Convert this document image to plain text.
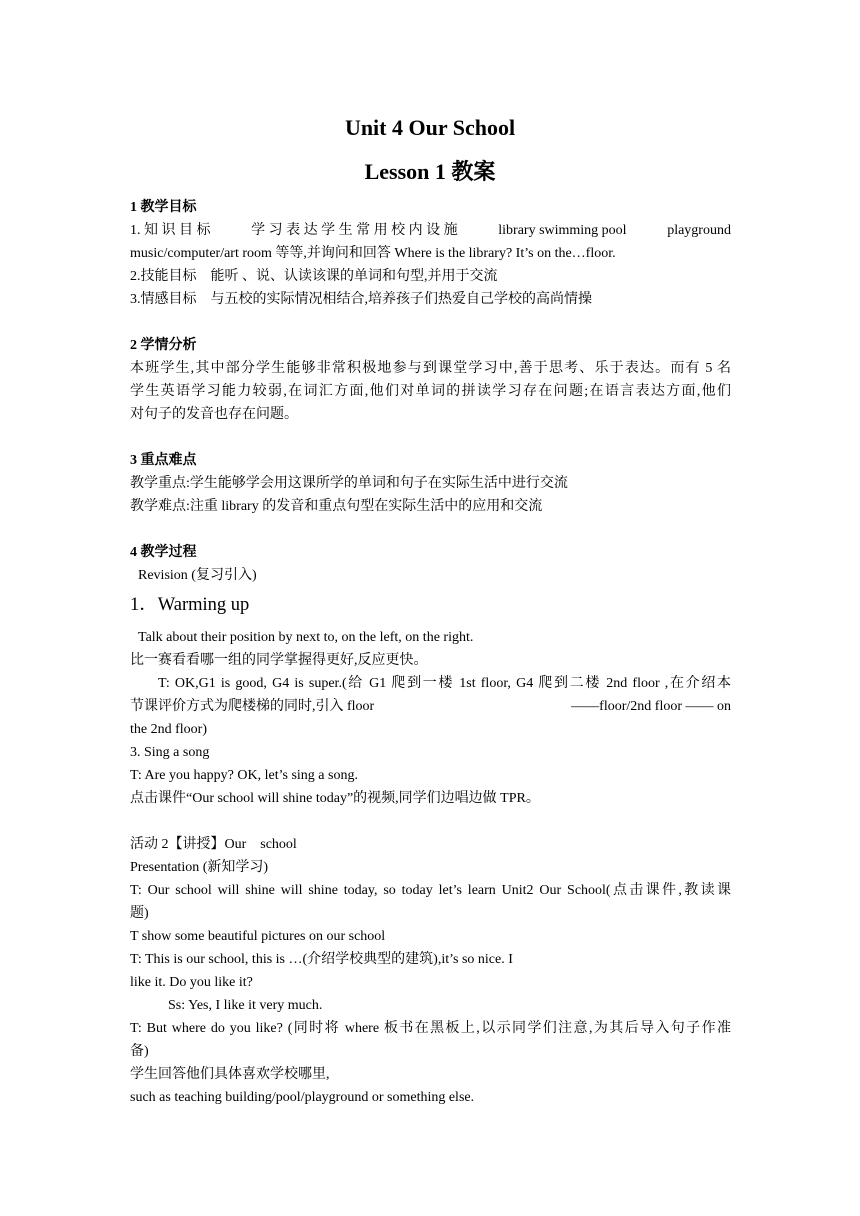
Unit 4 Our School
Lesson 1 教案

1 教学目标

1. 知 识 目 标	学 习 表 达 学 生 常 用 校 内 设 施	library swimming pool	playground

music/computer/art room 等等,并询问和回答 Where is the library? It’s on the…floor.

2.技能目标　能听 、说、认读该课的单词和句型,并用于交流

3.情感目标　与五校的实际情况相结合,培养孩子们热爱自己学校的高尚情操

2 学情分析

本班学生,其中部分学生能够非常积极地参与到课堂学习中,善于思考、乐于表达。而有 5 名

学生英语学习能力较弱,在词汇方面,他们对单词的拼读学习存在问题;在语言表达方面,他们

对句子的发音也存在问题。

3 重点难点

教学重点:学生能够学会用这课所学的单词和句子在实际生活中进行交流

教学难点:注重 library 的发音和重点句型在实际生活中的应用和交流

4 教学过程

Revision (复习引入)

1．Warming up

Talk about their position by next to, on the left, on the right.

比一赛看看哪一组的同学掌握得更好,反应更快。

T: OK,G1 is good, G4 is super.(给 G1 爬到一楼 1st floor, G4 爬到二楼 2nd floor ,在介绍本

节课评价方式为爬楼梯的同时,引入 floor	——floor/2nd floor —— on

the 2nd floor)

3. Sing a song

T: Are you happy? OK, let’s sing a song.

点击课件“Our school will shine today”的视频,同学们边唱边做 TPR。

活动 2【讲授】Our　school

Presentation (新知学习)

T: Our school will shine will shine today, so today let’s learn Unit2 Our School(点击课件,教读课

题)

T show some beautiful pictures on our school

T: This is our school, this is …(介绍学校典型的建筑),it’s so nice. I

like it. Do you like it?

Ss: Yes, I like it very much.

T: But where do you like? (同时将 where 板书在黑板上,以示同学们注意,为其后导入句子作准

备)

学生回答他们具体喜欢学校哪里,

such as teaching building/pool/playground or something else.
